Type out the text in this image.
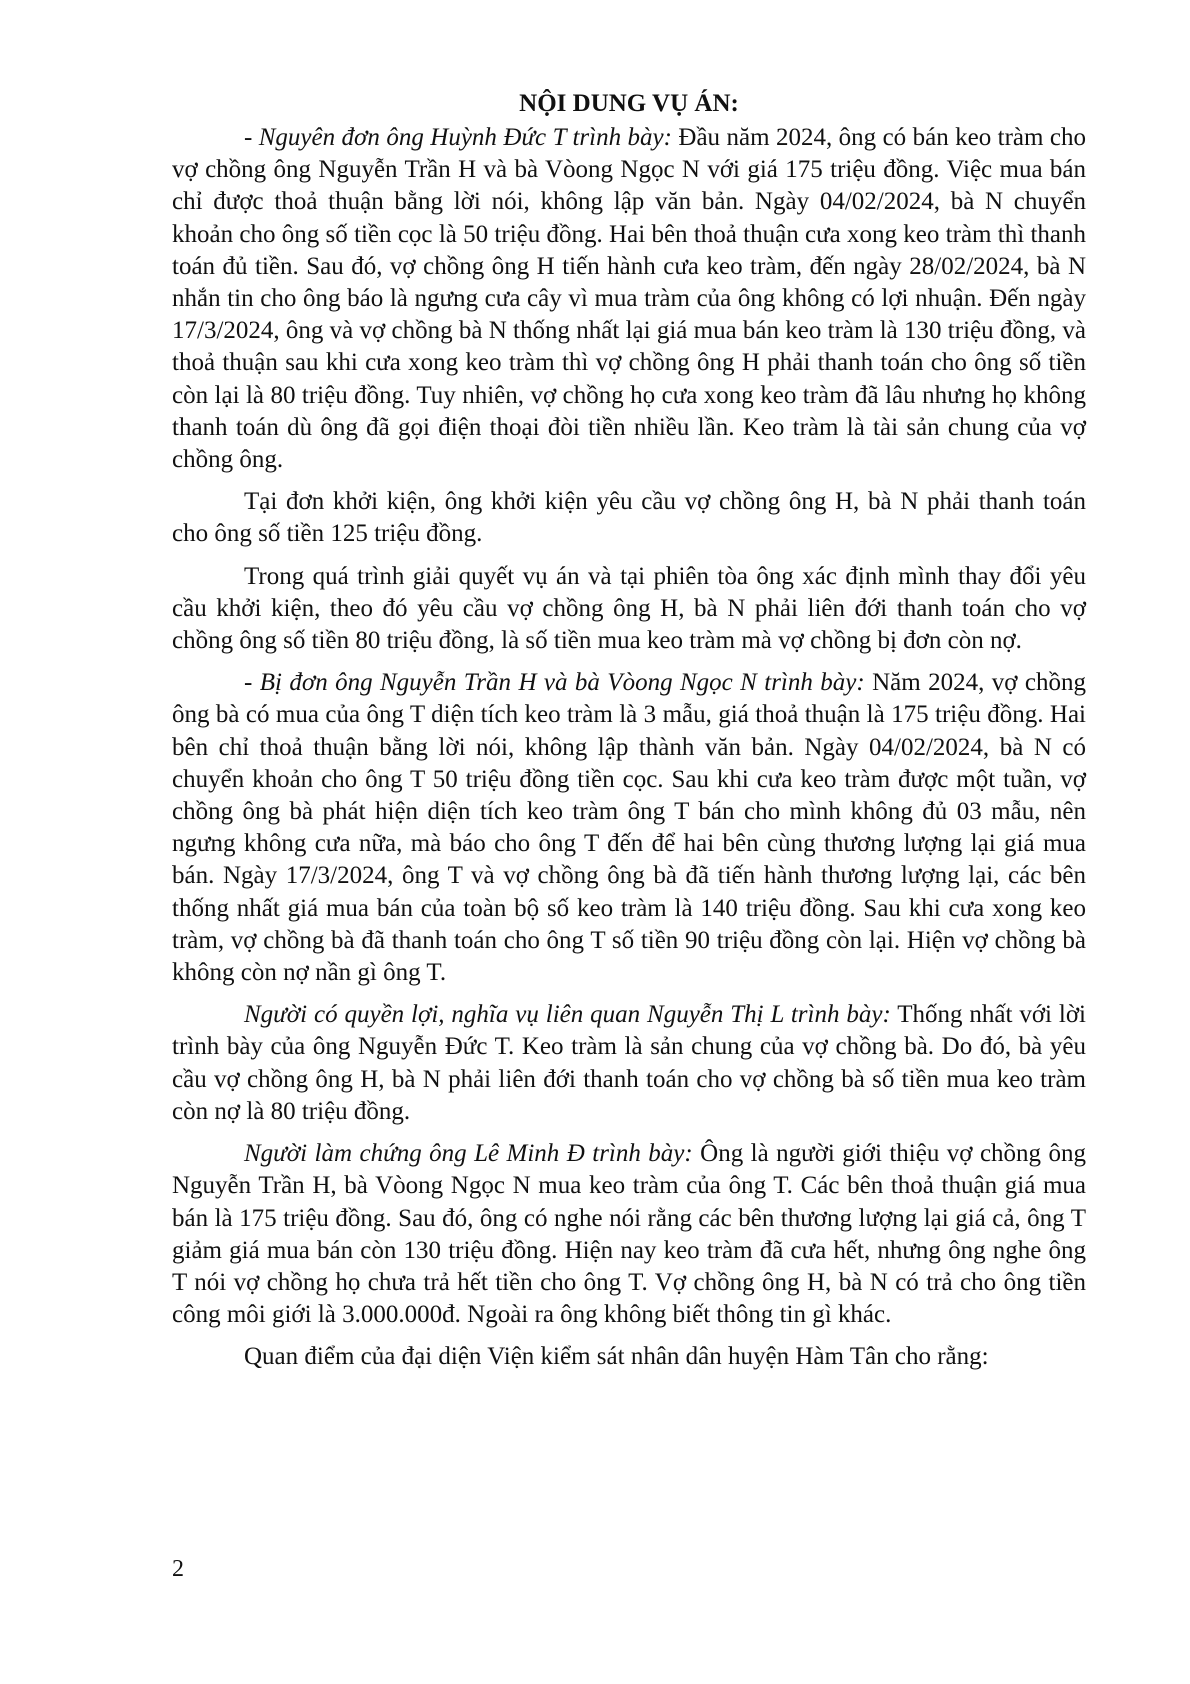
NỘI DUNG VỤ ÁN:

- Nguyên đơn ông Huỳnh Đức T trình bày: Đầu năm 2024, ông có bán keo tràm cho vợ chồng ông Nguyễn Trần H và bà Vòong Ngọc N với giá 175 triệu đồng. Việc mua bán chỉ được thoả thuận bằng lời nói, không lập văn bản. Ngày 04/02/2024, bà N chuyển khoản cho ông số tiền cọc là 50 triệu đồng. Hai bên thoả thuận cưa xong keo tràm thì thanh toán đủ tiền. Sau đó, vợ chồng ông H tiến hành cưa keo tràm, đến ngày 28/02/2024, bà N nhắn tin cho ông báo là ngưng cưa cây vì mua tràm của ông không có lợi nhuận. Đến ngày 17/3/2024, ông và vợ chồng bà N thống nhất lại giá mua bán keo tràm là 130 triệu đồng, và thoả thuận sau khi cưa xong keo tràm thì vợ chồng ông H phải thanh toán cho ông số tiền còn lại là 80 triệu đồng. Tuy nhiên, vợ chồng họ cưa xong keo tràm đã lâu nhưng họ không thanh toán dù ông đã gọi điện thoại đòi tiền nhiều lần. Keo tràm là tài sản chung của vợ chồng ông.

Tại đơn khởi kiện, ông khởi kiện yêu cầu vợ chồng ông H, bà N phải thanh toán cho ông số tiền 125 triệu đồng.

Trong quá trình giải quyết vụ án và tại phiên tòa ông xác định mình thay đổi yêu cầu khởi kiện, theo đó yêu cầu vợ chồng ông H, bà N phải liên đới thanh toán cho vợ chồng ông số tiền 80 triệu đồng, là số tiền mua keo tràm mà vợ chồng bị đơn còn nợ.

- Bị đơn ông Nguyễn Trần H và bà Vòong Ngọc N trình bày: Năm 2024, vợ chồng ông bà có mua của ông T diện tích keo tràm là 3 mẫu, giá thoả thuận là 175 triệu đồng. Hai bên chỉ thoả thuận bằng lời nói, không lập thành văn bản. Ngày 04/02/2024, bà N có chuyển khoản cho ông T 50 triệu đồng tiền cọc. Sau khi cưa keo tràm được một tuần, vợ chồng ông bà phát hiện diện tích keo tràm ông T bán cho mình không đủ 03 mẫu, nên ngưng không cưa nữa, mà báo cho ông T đến để hai bên cùng thương lượng lại giá mua bán. Ngày 17/3/2024, ông T và vợ chồng ông bà đã tiến hành thương lượng lại, các bên thống nhất giá mua bán của toàn bộ số keo tràm là 140 triệu đồng. Sau khi cưa xong keo tràm, vợ chồng bà đã thanh toán cho ông T số tiền 90 triệu đồng còn lại. Hiện vợ chồng bà không còn nợ nần gì ông T.

Người có quyền lợi, nghĩa vụ liên quan Nguyễn Thị L trình bày: Thống nhất với lời trình bày của ông Nguyễn Đức T. Keo tràm là sản chung của vợ chồng bà. Do đó, bà yêu cầu vợ chồng ông H, bà N phải liên đới thanh toán cho vợ chồng bà số tiền mua keo tràm còn nợ là 80 triệu đồng.

Người làm chứng ông Lê Minh Đ trình bày: Ông là người giới thiệu vợ chồng ông Nguyễn Trần H, bà Vòong Ngọc N mua keo tràm của ông T. Các bên thoả thuận giá mua bán là 175 triệu đồng. Sau đó, ông có nghe nói rằng các bên thương lượng lại giá cả, ông T giảm giá mua bán còn 130 triệu đồng. Hiện nay keo tràm đã cưa hết, nhưng ông nghe ông T nói vợ chồng họ chưa trả hết tiền cho ông T. Vợ chồng ông H, bà N có trả cho ông tiền công môi giới là 3.000.000đ. Ngoài ra ông không biết thông tin gì khác.

Quan điểm của đại diện Viện kiểm sát nhân dân huyện Hàm Tân cho rằng:

2
